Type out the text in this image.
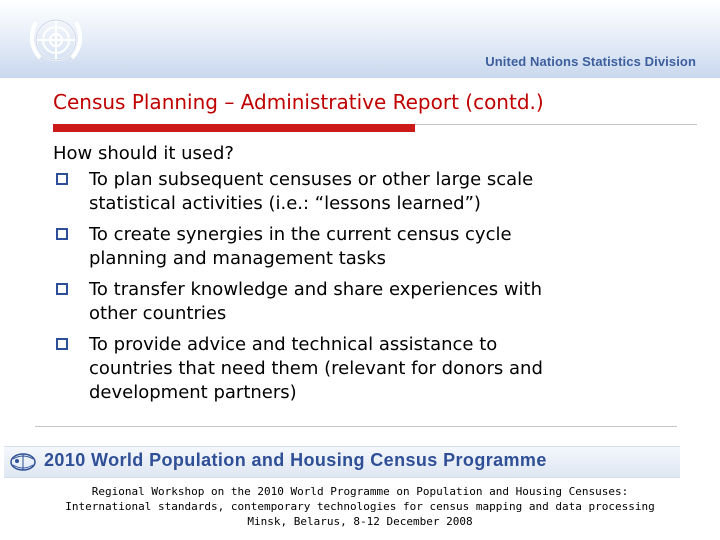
United Nations Statistics Division
Census Planning – Administrative Report (contd.)

How should it used?

To plan subsequent censuses or other large scale
statistical activities (i.e.: “lessons learned”)
To create synergies in the current census cycle
planning and management tasks
To transfer knowledge and share experiences with
other countries
To provide advice and technical assistance to
countries that need them (relevant for donors and
development partners)
2010 World Population and Housing Census Programme
Regional Workshop on the 2010 World Programme on Population and Housing Censuses:
International standards, contemporary technologies for census mapping and data processing
Minsk, Belarus, 8-12 December 2008
